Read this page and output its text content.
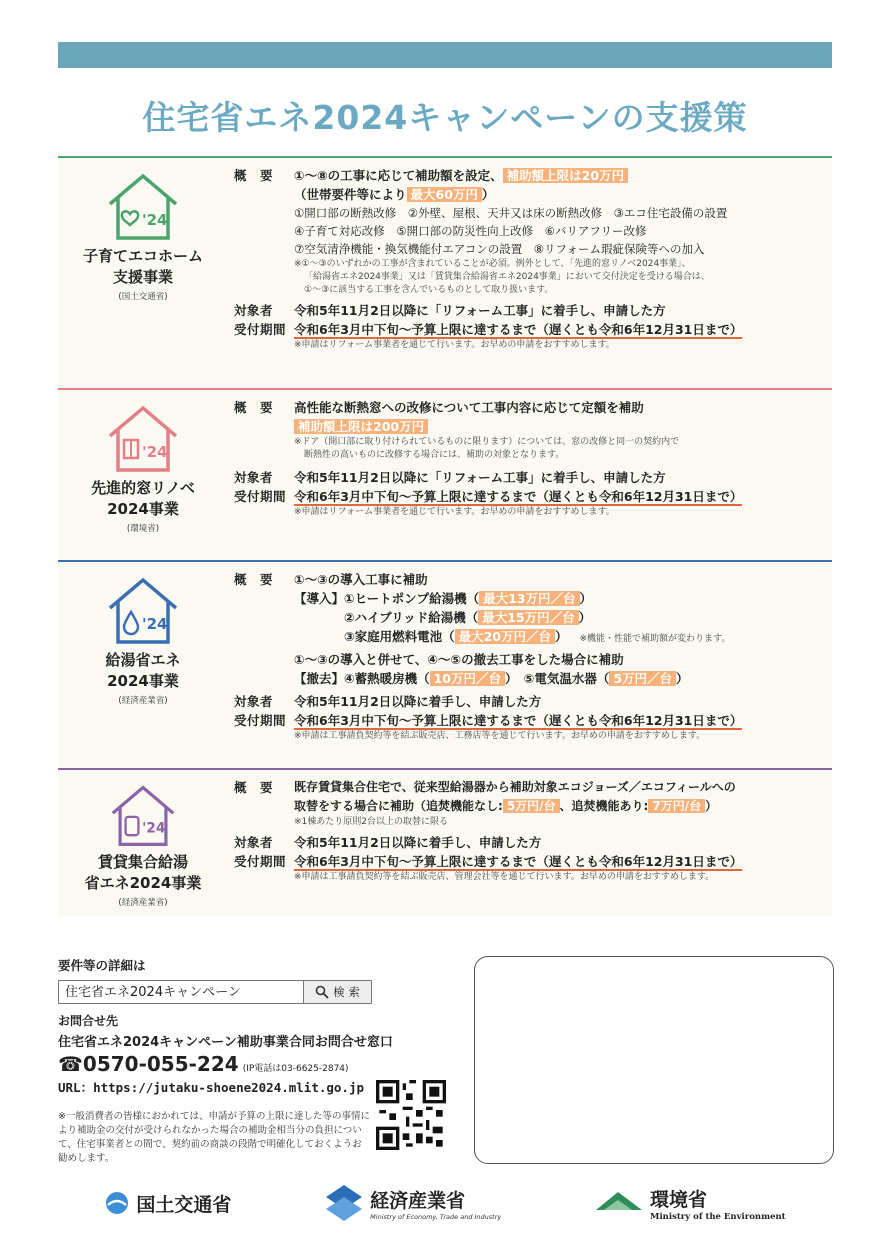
住宅省エネ2024キャンペーンの支援策
'24
子育てエコホーム
支援事業
(国土交通省)
概　要	①～⑧の工事に応じて補助額を設定、 補助額上限は20万円
（世帯要件等により 最大60万円 ）
①開口部の断熱改修　②外壁、屋根、天井又は床の断熱改修　③エコ住宅設備の設置
④子育て対応改修　⑤開口部の防災性向上改修　⑥バリアフリー改修
⑦空気清浄機能・換気機能付エアコンの設置　⑧リフォーム瑕疵保険等への加入
※①～③のいずれかの工事が含まれていることが必須。例外として、「先進的窓リノベ2024事業」、
「給湯省エネ2024事業」又は「賃貸集合給湯省エネ2024事業」において交付決定を受ける場合は、
①～③に該当する工事を含んでいるものとして取り扱います。
対象者	令和5年11月2日以降に「リフォーム工事」に着手し、申請した方
受付期間 令和6年3月中下旬～予算上限に達するまで（遅くとも令和6年12月31日まで）
※申請はリフォーム事業者を通じて行います。お早めの申請をおすすめします。
'24
先進的窓リノベ
2024事業
(環境省)
概　要	高性能な断熱窓への改修について工事内容に応じて定額を補助
補助額上限は200万円
※ドア（開口部に取り付けられているものに限ります）については、窓の改修と同一の契約内で
断熱性の高いものに改修する場合には、補助の対象となります。
対象者	令和5年11月2日以降に「リフォーム工事」に着手し、申請した方
受付期間 令和6年3月中下旬～予算上限に達するまで（遅くとも令和6年12月31日まで）
※申請はリフォーム事業者を通じて行います。お早めの申請をおすすめします。
'24
給湯省エネ
2024事業
(経済産業省)
概　要	①～③の導入工事に補助
【導入】①ヒートポンプ給湯機（ 最大13万円／台 ）
　　　　②ハイブリッド給湯機（ 最大15万円／台 ）
　　　　③家庭用燃料電池（ 最大20万円／台 ） ※機能・性能で補助額が変わります。
①～③の導入と併せて、④～⑤の撤去工事をした場合に補助
【撤去】④蓄熱暖房機（ 10万円／台 ）　⑤電気温水器（ 5万円／台 ）
対象者	令和5年11月2日以降に着手し、申請した方
受付期間 令和6年3月中下旬～予算上限に達するまで（遅くとも令和6年12月31日まで）
※申請は工事請負契約等を結ぶ販売店、工務店等を通じて行います。お早めの申請をおすすめします。
'24
賃貸集合給湯
省エネ2024事業
(経済産業省)
概　要	既存賃貸集合住宅で、従来型給湯器から補助対象エコジョーズ／エコフィールへの
取替をする場合に補助（追焚機能なし: 5万円/台 、追焚機能あり: 7万円/台 ）
※1棟あたり原則2台以上の取替に限る
対象者	令和5年11月2日以降に着手し、申請した方
受付期間 令和6年3月中下旬～予算上限に達するまで（遅くとも令和6年12月31日まで）
※申請は工事請負契約等を結ぶ販売店、管理会社等を通じて行います。お早めの申請をおすすめします。
要件等の詳細は
住宅省エネ2024キャンペーン	検 索
お問合せ先
住宅省エネ2024キャンペーン補助事業合同お問合せ窓口
☎0570-055-224 (IP電話は03-6625-2874)
URL：https://jutaku-shoene2024.mlit.go.jp
※一般消費者の皆様におかれては、申請が予算の上限に達した等の事情により補助金の交付が受けられなかった場合の補助金相当分の負担について、住宅事業者との間で、契約前の商談の段階で明確化しておくようお勧めします。
国土交通省	経済産業省
Ministry of Economy, Trade and Industry
環境省
Ministry of the Environment
